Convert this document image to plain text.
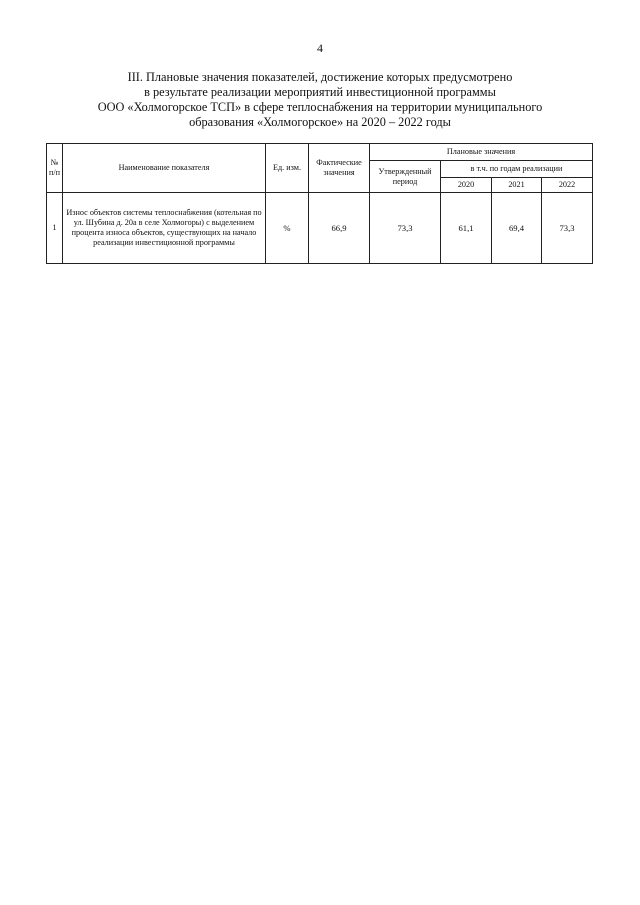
4
III. Плановые значения показателей, достижение которых предусмотрено
в результате реализации мероприятий инвестиционной программы
ООО «Холмогорское ТСП» в сфере теплоснабжения на территории муниципального
образования «Холмогорское» на 2020 – 2022 годы
№ п/п	Наименование показателя	Ед. изм.	Фактические значения	Плановые значения			
				Утвержденный период	в т.ч. по годам реализации		
					2020	2021	2022
1	Износ объектов системы теплоснабжения (котельная по ул. Шубина д. 20а в селе Холмогоры) с выделением процента износа объектов, существующих на начало реализации инвестиционной программы	%	66,9	73,3	61,1	69,4	73,3
